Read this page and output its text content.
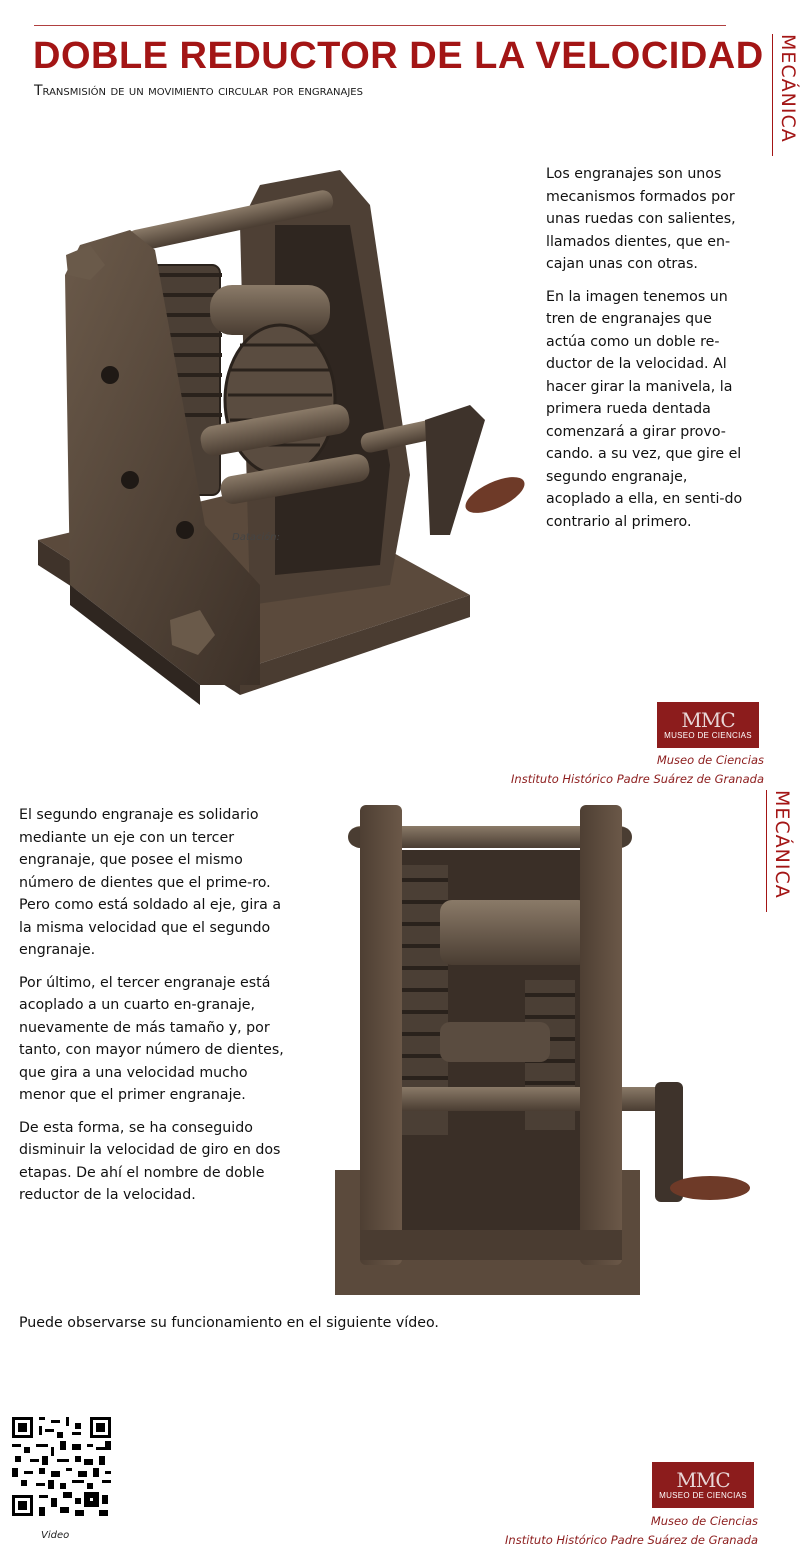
DOBLE REDUCTOR DE LA VELOCIDAD
Transmisión de un movimiento circular por engranajes	MECÁNICA
Datación:

Los engranajes son unos mecanismos formados por unas ruedas con salientes, llamados dientes, que en-cajan unas con otras.

En la imagen tenemos un tren de engranajes que actúa como un doble re-ductor de la velocidad. Al hacer girar la manivela, la primera rueda dentada comenzará a girar provo-cando. a su vez, que gire el segundo engranaje, acoplado a ella, en senti-do contrario al primero.

MMC
MUSEO DE CIENCIAS
Museo de Ciencias
Instituto Histórico Padre Suárez de Granada
MECÁNICA

El segundo engranaje es solidario mediante un eje con un tercer engranaje, que posee el mismo número de dientes que el prime-ro. Pero como está soldado al eje, gira a la misma velocidad que el segundo engranaje.

Por último, el tercer engranaje está acoplado a un cuarto en-granaje, nuevamente de más tamaño y, por tanto, con mayor número de dientes, que gira a una velocidad mucho menor que el primer engranaje.

De esta forma, se ha conseguido disminuir la velocidad de giro en dos etapas. De ahí el nombre de doble reductor de la velocidad.

Puede observarse su funcionamiento en el siguiente vídeo.
Video
MMC
MUSEO DE CIENCIAS
Museo de Ciencias
Instituto Histórico Padre Suárez de Granada
